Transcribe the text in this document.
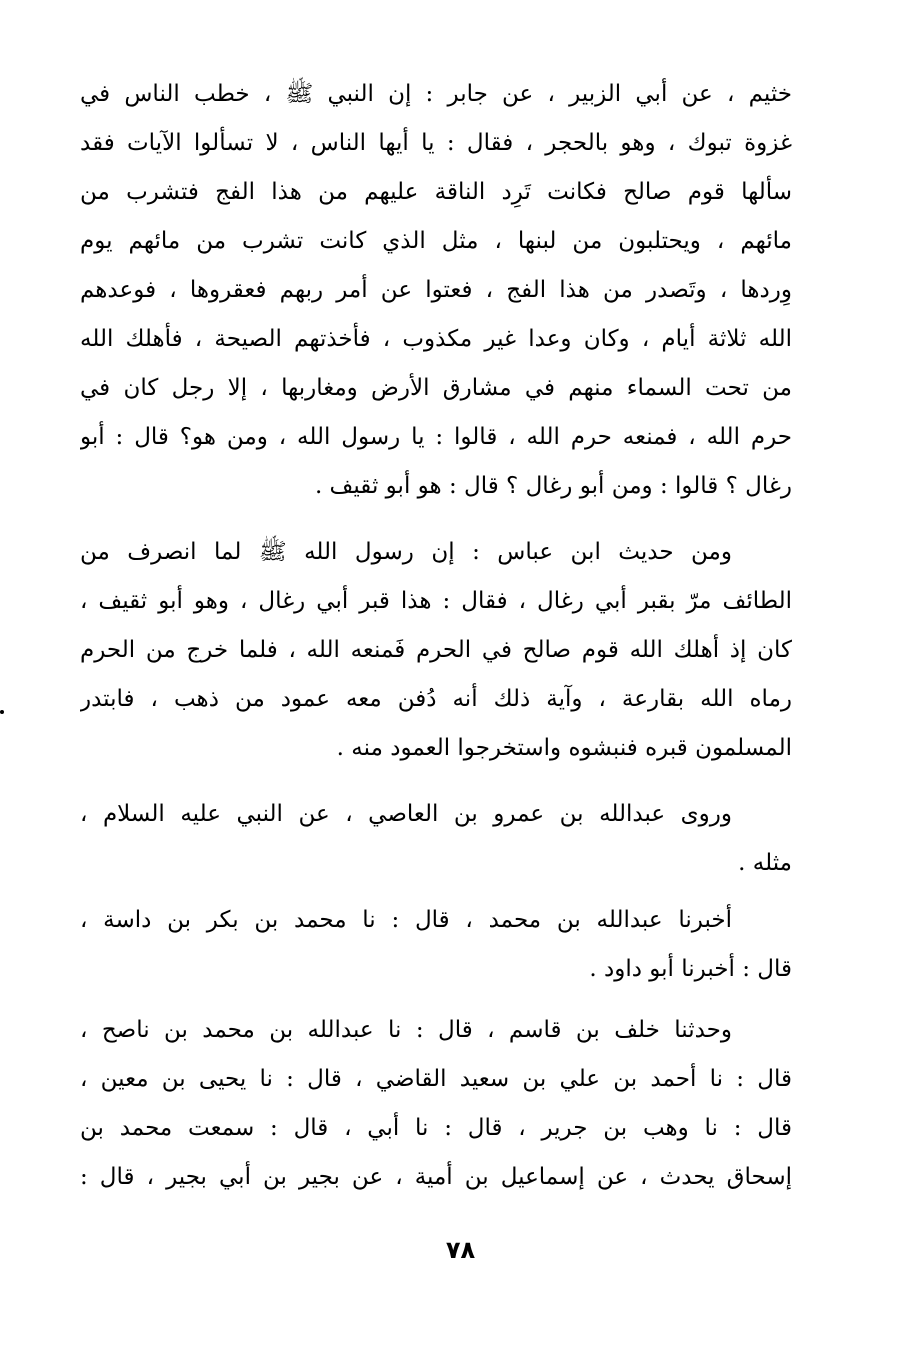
خثيم ، عن أبي الزبير ، عن جابر : إن النبي ﷺ ، خطب الناس في
غزوة تبوك ، وهو بالحجر ، فقال : يا أيها الناس ، لا تسألوا الآيات فقد
سألها قوم صالح فكانت تَرِد الناقة عليهم من هذا الفج فتشرب من
مائهم ، ويحتلبون من لبنها ، مثل الذي كانت تشرب من مائهم يوم
وِردها ، وتَصدر من هذا الفج ، فعتوا عن أمر ربهم فعقروها ، فوعدهم
الله ثلاثة أيام ، وكان وعدا غير مكذوب ، فأخذتهم الصيحة ، فأهلك الله
من تحت السماء منهم في مشارق الأرض ومغاربها ، إلا رجل كان في
حرم الله ، فمنعه حرم الله ، قالوا : يا رسول الله ، ومن هو؟ قال : أبو
رغال ؟ قالوا : ومن أبو رغال ؟ قال : هو أبو ثقيف .
ومن حديث ابن عباس : إن رسول الله ﷺ لما انصرف من
الطائف مرّ بقبر أبي رغال ، فقال : هذا قبر أبي رغال ، وهو أبو ثقيف ،
كان إذ أهلك الله قوم صالح في الحرم فَمنعه الله ، فلما خرج من الحرم
رماه الله بقارعة ، وآية ذلك أنه دُفن معه عمود من ذهب ، فابتدر
المسلمون قبره فنبشوه واستخرجوا العمود منه .
وروى عبدالله بن عمرو بن العاصي ، عن النبي عليه السلام ،
مثله .
أخبرنا عبدالله بن محمد ، قال : نا محمد بن بكر بن داسة ،
قال : أخبرنا أبو داود .
وحدثنا خلف بن قاسم ، قال : نا عبدالله بن محمد بن ناصح ،
قال : نا أحمد بن علي بن سعيد القاضي ، قال : نا يحيى بن معين ،
قال : نا وهب بن جرير ، قال : نا أبي ، قال : سمعت محمد بن
إسحاق يحدث ، عن إسماعيل بن أمية ، عن بجير بن أبي بجير ، قال :
٧٨
